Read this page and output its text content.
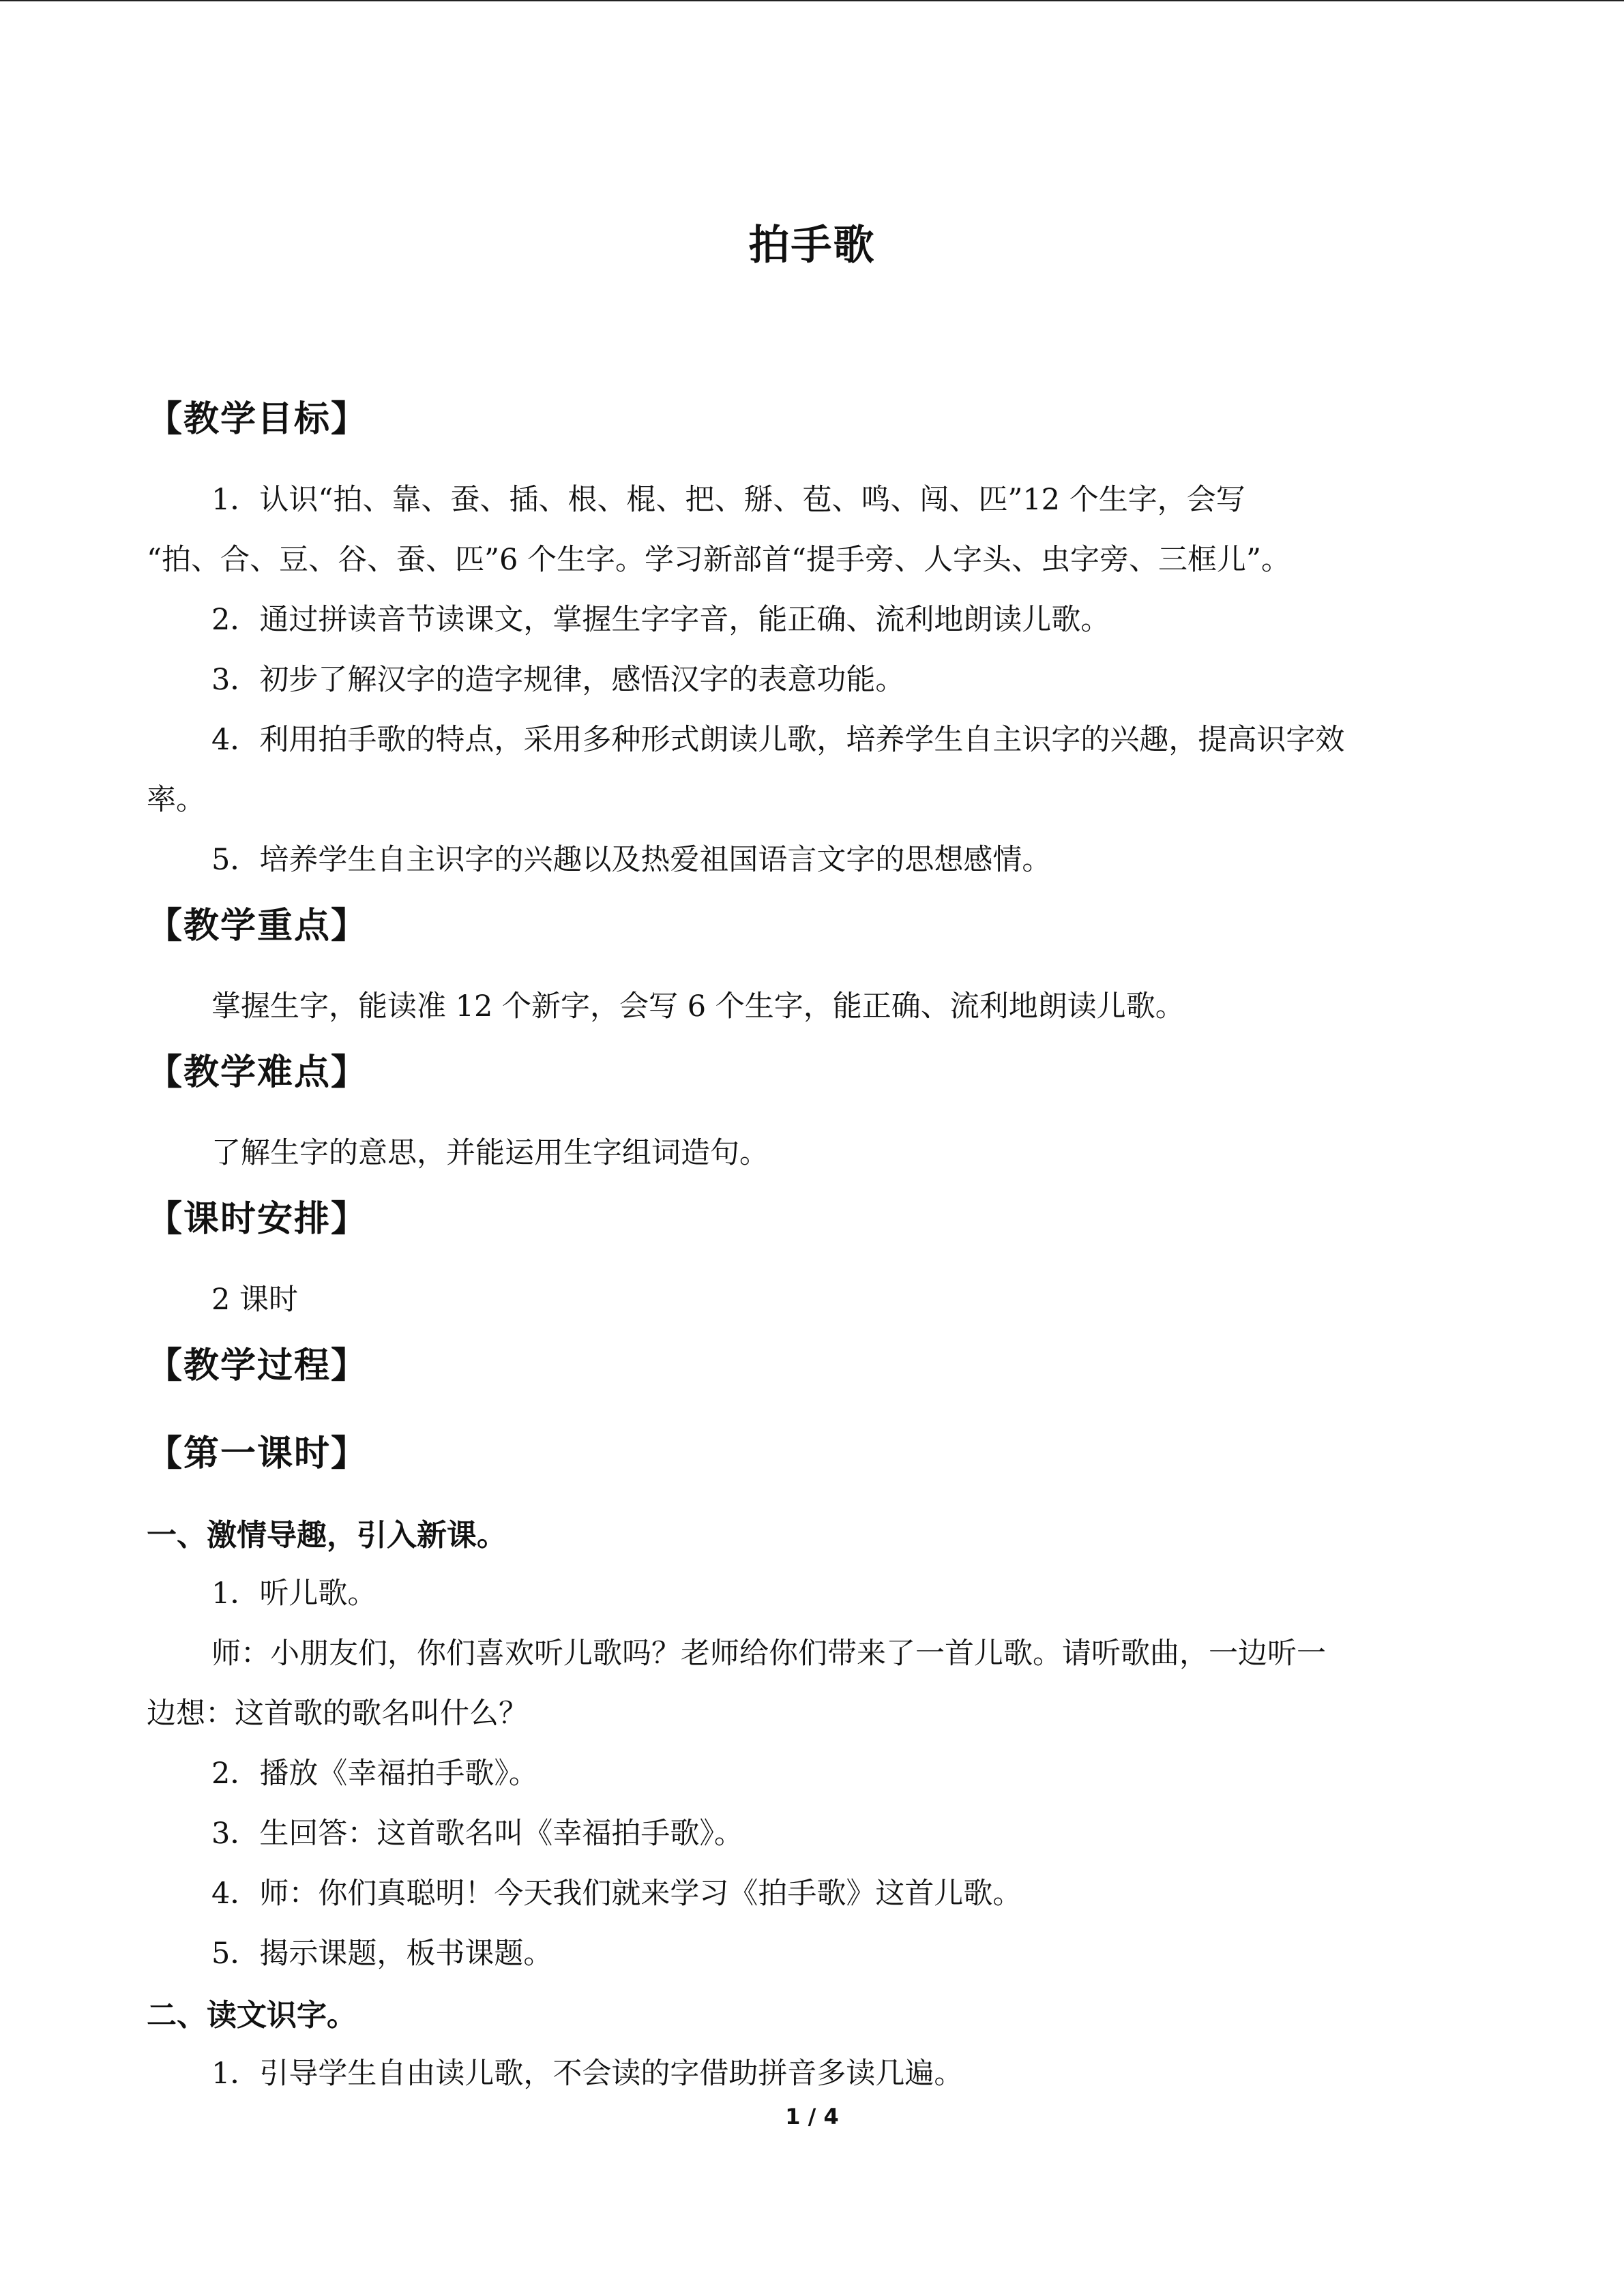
拍手歌
【教学目标】
1．认识“拍、靠、蚕、插、根、棍、把、掰、苞、鸣、闯、匹”12 个生字，会写
“拍、合、豆、谷、蚕、匹”6 个生字。学习新部首“提手旁、人字头、虫字旁、三框儿”。
2．通过拼读音节读课文，掌握生字字音，能正确、流利地朗读儿歌。
3．初步了解汉字的造字规律，感悟汉字的表意功能。
4．利用拍手歌的特点，采用多种形式朗读儿歌，培养学生自主识字的兴趣，提高识字效
率。
5．培养学生自主识字的兴趣以及热爱祖国语言文字的思想感情。
【教学重点】
掌握生字，能读准 12 个新字，会写 6 个生字，能正确、流利地朗读儿歌。
【教学难点】
了解生字的意思，并能运用生字组词造句。
【课时安排】
2 课时
【教学过程】
【第一课时】
一、激情导趣，引入新课。
1．听儿歌。
师：小朋友们，你们喜欢听儿歌吗？老师给你们带来了一首儿歌。请听歌曲，一边听一
边想：这首歌的歌名叫什么？
2．播放《幸福拍手歌》。
3．生回答：这首歌名叫《幸福拍手歌》。
4．师：你们真聪明！今天我们就来学习《拍手歌》这首儿歌。
5．揭示课题，板书课题。
二、读文识字。
1．引导学生自由读儿歌，不会读的字借助拼音多读几遍。
1 / 4
